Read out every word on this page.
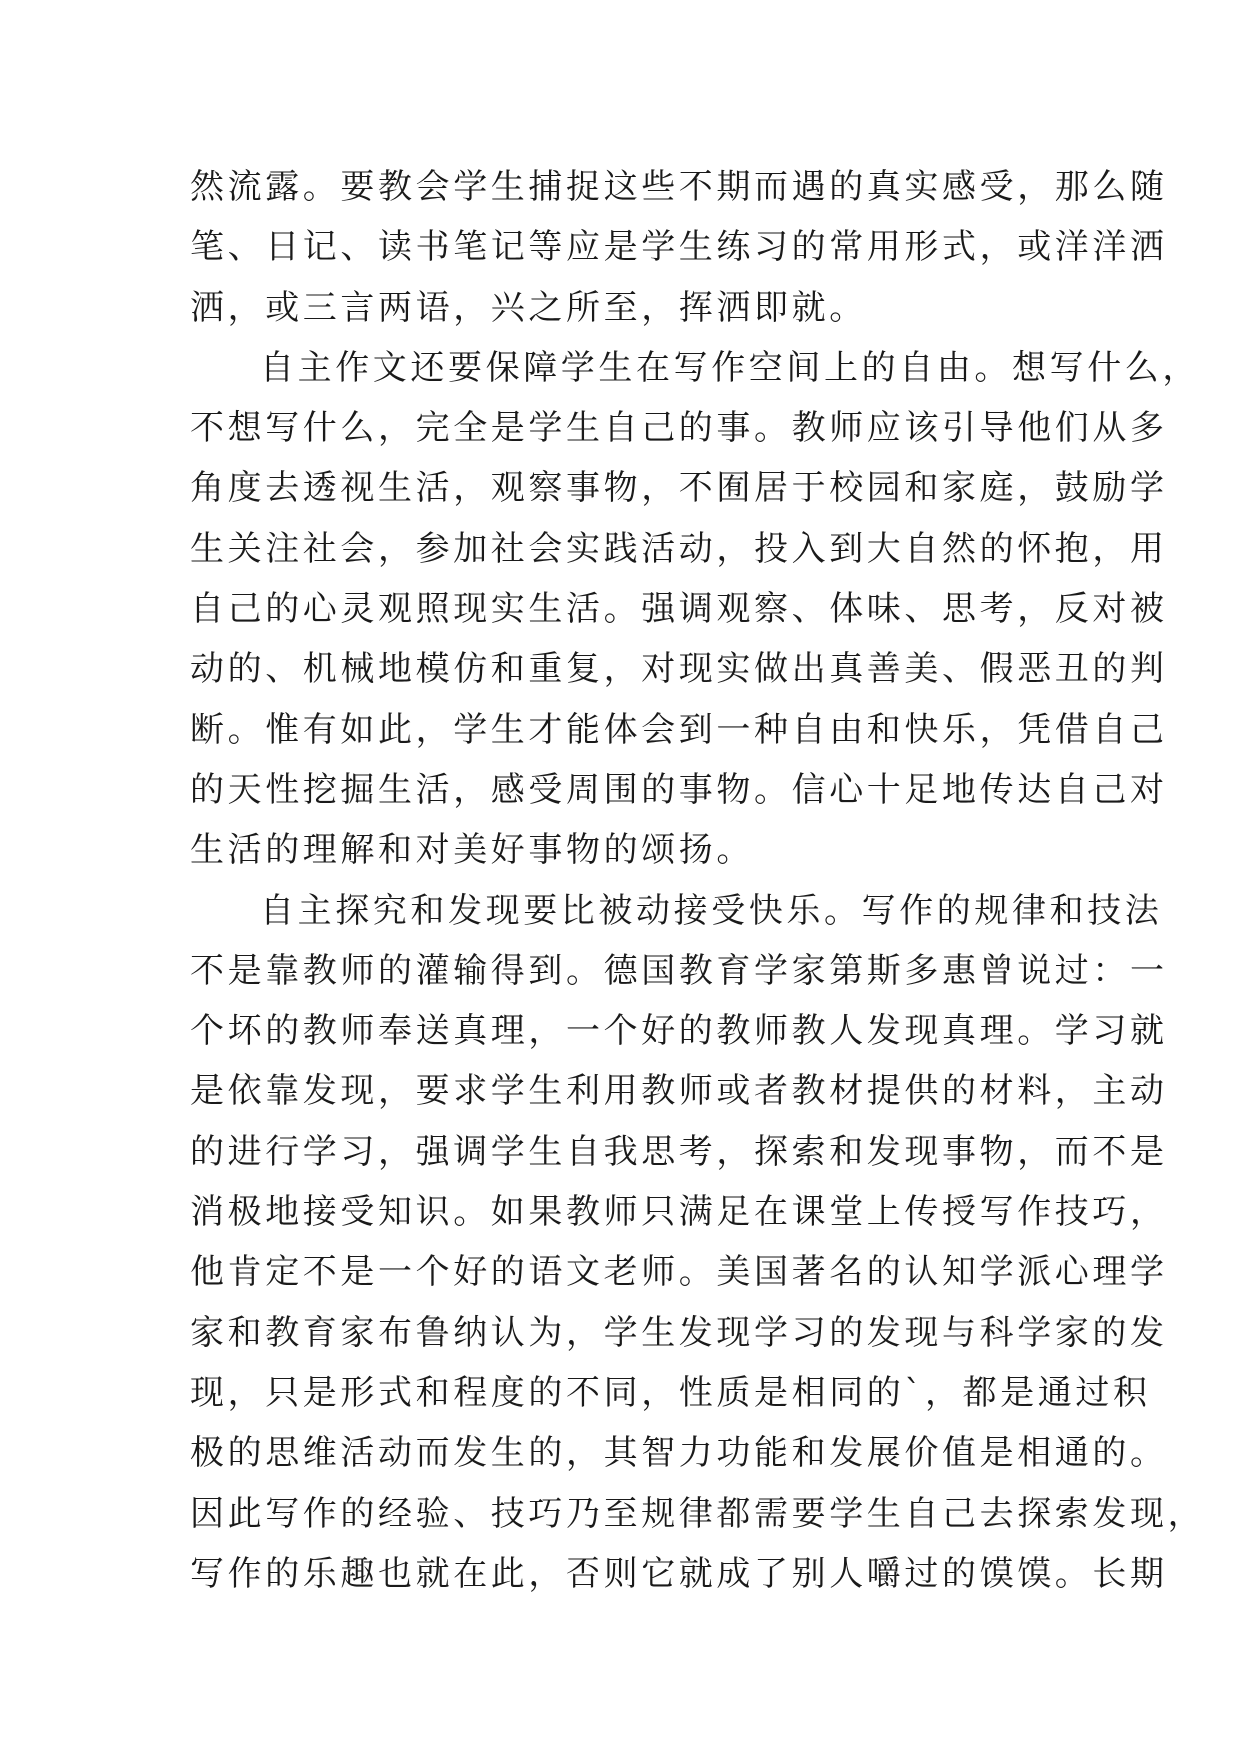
然流露。要教会学生捕捉这些不期而遇的真实感受，那么随
笔、日记、读书笔记等应是学生练习的常用形式，或洋洋洒
洒，或三言两语，兴之所至，挥洒即就。
自主作文还要保障学生在写作空间上的自由。想写什么，
不想写什么，完全是学生自己的事。教师应该引导他们从多
角度去透视生活，观察事物，不囿居于校园和家庭，鼓励学
生关注社会，参加社会实践活动，投入到大自然的怀抱，用
自己的心灵观照现实生活。强调观察、体味、思考，反对被
动的、机械地模仿和重复，对现实做出真善美、假恶丑的判
断。惟有如此，学生才能体会到一种自由和快乐，凭借自己
的天性挖掘生活，感受周围的事物。信心十足地传达自己对
生活的理解和对美好事物的颂扬。
自主探究和发现要比被动接受快乐。写作的规律和技法
不是靠教师的灌输得到。德国教育学家第斯多惠曾说过：一
个坏的教师奉送真理，一个好的教师教人发现真理。学习就
是依靠发现，要求学生利用教师或者教材提供的材料，主动
的进行学习，强调学生自我思考，探索和发现事物，而不是
消极地接受知识。如果教师只满足在课堂上传授写作技巧，
他肯定不是一个好的语文老师。美国著名的认知学派心理学
家和教育家布鲁纳认为，学生发现学习的发现与科学家的发
现，只是形式和程度的不同，性质是相同的`，都是通过积
极的思维活动而发生的，其智力功能和发展价值是相通的。
因此写作的经验、技巧乃至规律都需要学生自己去探索发现，
写作的乐趣也就在此，否则它就成了别人嚼过的馍馍。长期
